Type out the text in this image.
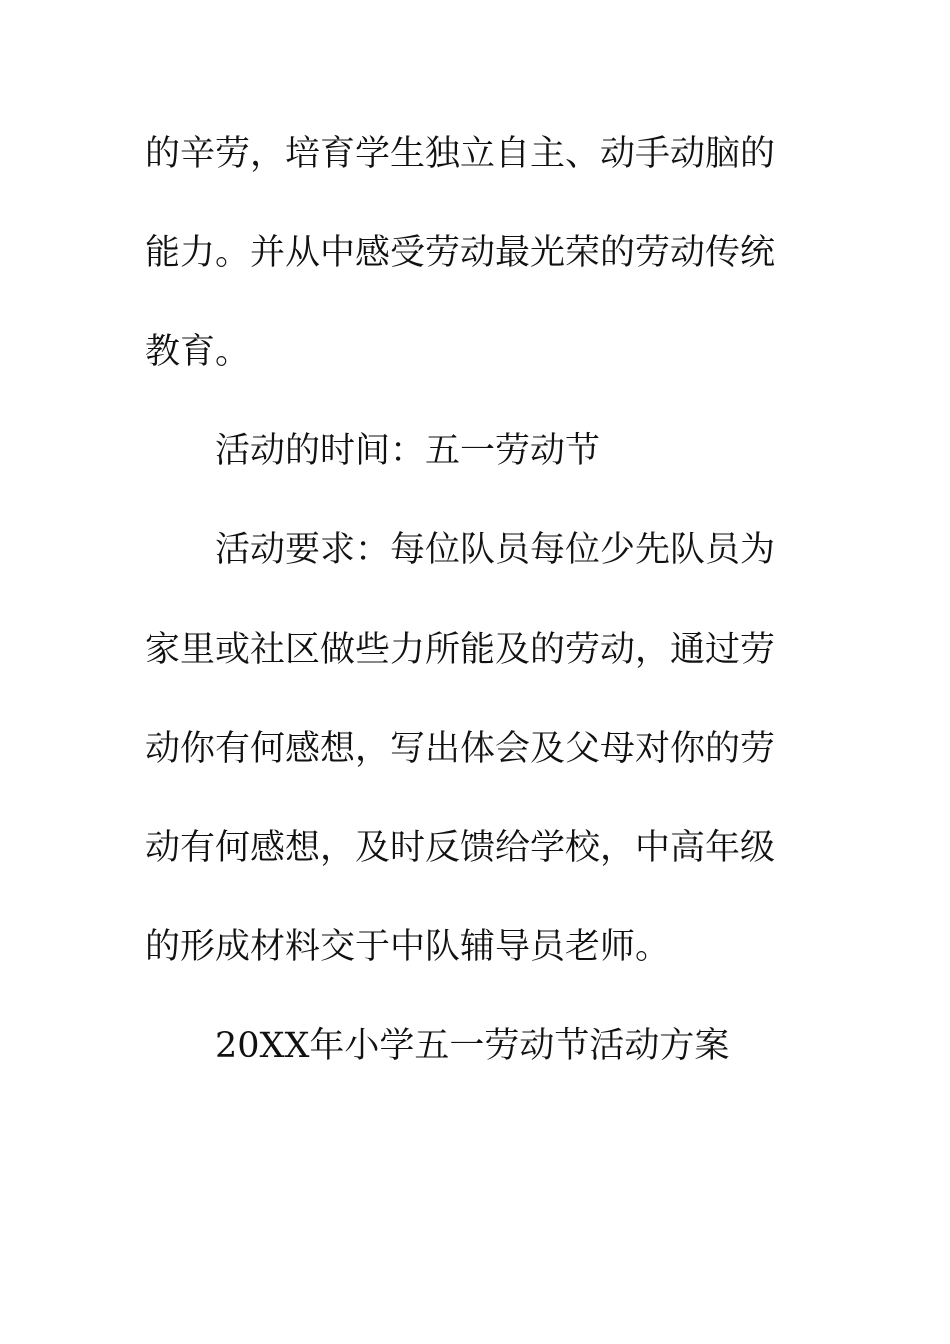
的辛劳，培育学生独立自主、动手动脑的
能力。并从中感受劳动最光荣的劳动传统
教育。
活动的时间：五一劳动节
活动要求：每位队员每位少先队员为
家里或社区做些力所能及的劳动，通过劳
动你有何感想，写出体会及父母对你的劳
动有何感想，及时反馈给学校，中高年级
的形成材料交于中队辅导员老师。
20XX年小学五一劳动节活动方案
